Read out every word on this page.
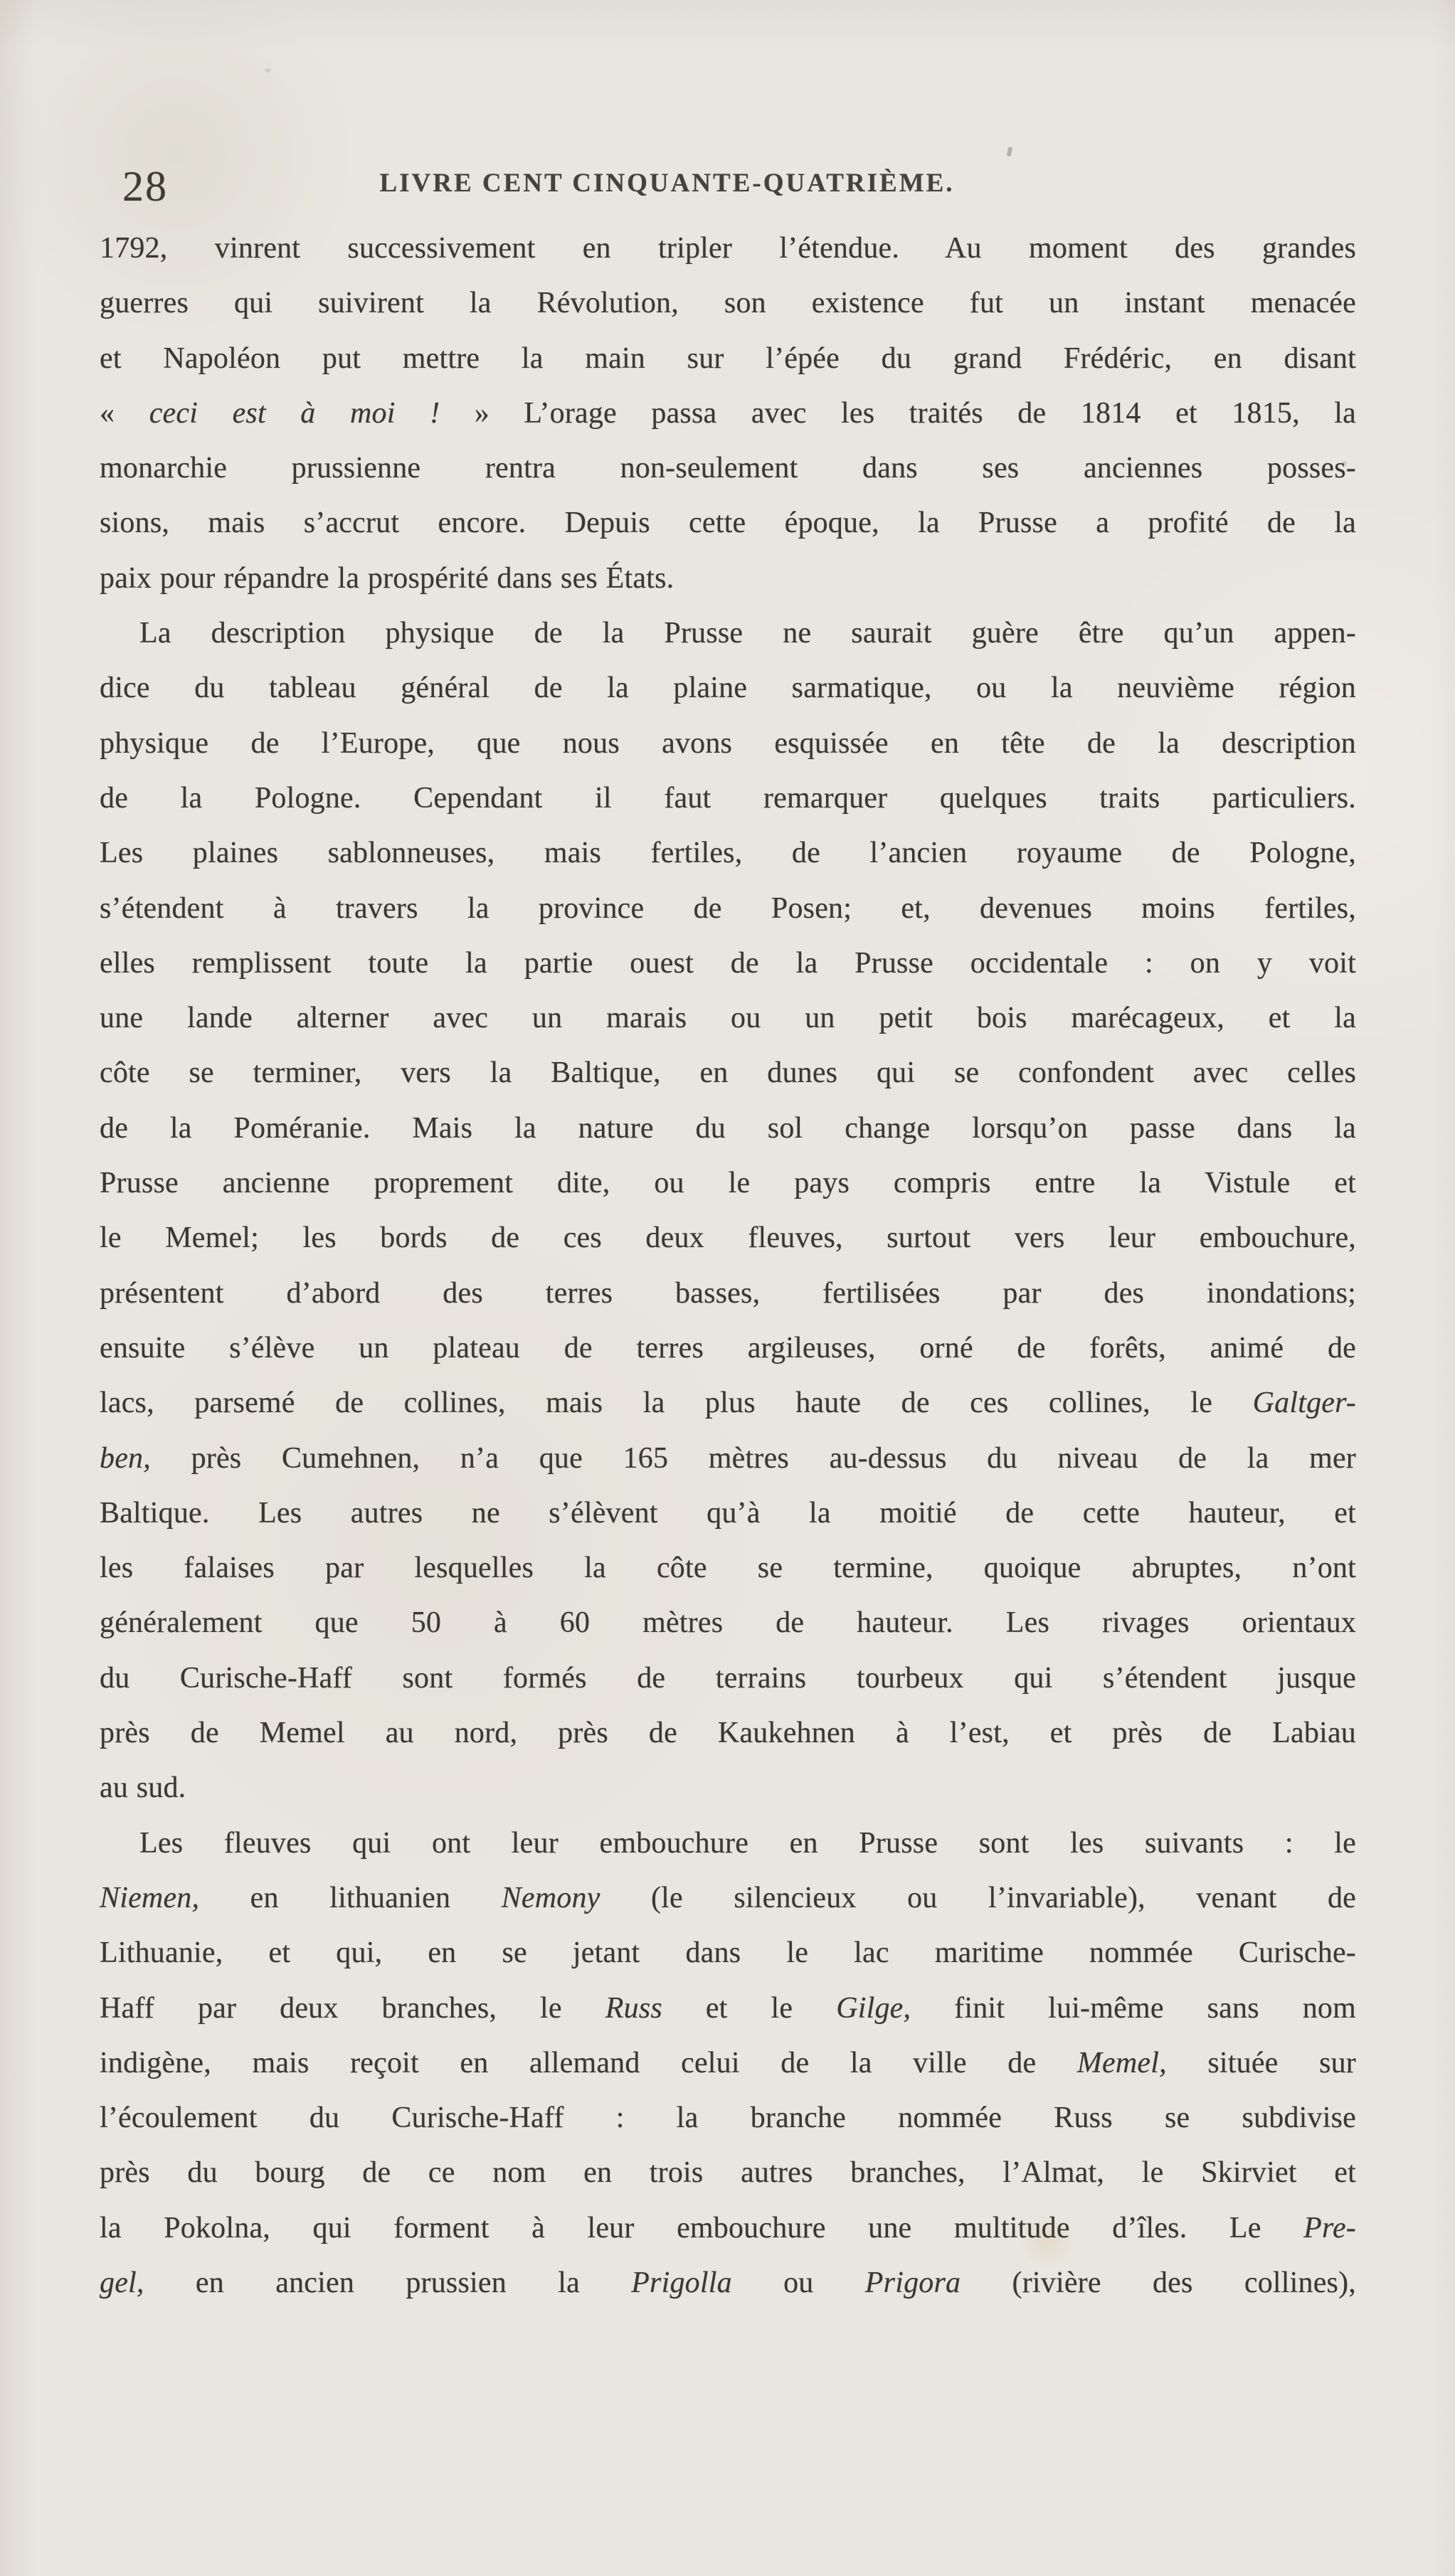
28	LIVRE CENT CINQUANTE-QUATRIÈME.
1792, vinrent successivement en tripler l’étendue. Au moment des grandes
guerres qui suivirent la Révolution, son existence fut un instant menacée
et Napoléon put mettre la main sur l’épée du grand Frédéric, en disant
« ceci est à moi ! » L’orage passa avec les traités de 1814 et 1815, la
monarchie prussienne rentra non-seulement dans ses anciennes posses-
sions, mais s’accrut encore. Depuis cette époque, la Prusse a profité de la
paix pour répandre la prospérité dans ses États.
La description physique de la Prusse ne saurait guère être qu’un appen-
dice du tableau général de la plaine sarmatique, ou la neuvième région
physique de l’Europe, que nous avons esquissée en tête de la description
de la Pologne. Cependant il faut remarquer quelques traits particuliers.
Les plaines sablonneuses, mais fertiles, de l’ancien royaume de Pologne,
s’étendent à travers la province de Posen; et, devenues moins fertiles,
elles remplissent toute la partie ouest de la Prusse occidentale : on y voit
une lande alterner avec un marais ou un petit bois marécageux, et la
côte se terminer, vers la Baltique, en dunes qui se confondent avec celles
de la Poméranie. Mais la nature du sol change lorsqu’on passe dans la
Prusse ancienne proprement dite, ou le pays compris entre la Vistule et
le Memel; les bords de ces deux fleuves, surtout vers leur embouchure,
présentent d’abord des terres basses, fertilisées par des inondations;
ensuite s’élève un plateau de terres argileuses, orné de forêts, animé de
lacs, parsemé de collines, mais la plus haute de ces collines, le Galtger-
ben, près Cumehnen, n’a que 165 mètres au-dessus du niveau de la mer
Baltique. Les autres ne s’élèvent qu’à la moitié de cette hauteur, et
les falaises par lesquelles la côte se termine, quoique abruptes, n’ont
généralement que 50 à 60 mètres de hauteur. Les rivages orientaux
du Curische-Haff sont formés de terrains tourbeux qui s’étendent jusque
près de Memel au nord, près de Kaukehnen à l’est, et près de Labiau
au sud.
Les fleuves qui ont leur embouchure en Prusse sont les suivants : le
Niemen, en lithuanien Nemony (le silencieux ou l’invariable), venant de
Lithuanie, et qui, en se jetant dans le lac maritime nommée Curische-
Haff par deux branches, le Russ et le Gilge, finit lui-même sans nom
indigène, mais reçoit en allemand celui de la ville de Memel, située sur
l’écoulement du Curische-Haff : la branche nommée Russ se subdivise
près du bourg de ce nom en trois autres branches, l’Almat, le Skirviet et
la Pokolna, qui forment à leur embouchure une multitude d’îles. Le Pre-
gel, en ancien prussien la Prigolla ou Prigora (rivière des collines),
